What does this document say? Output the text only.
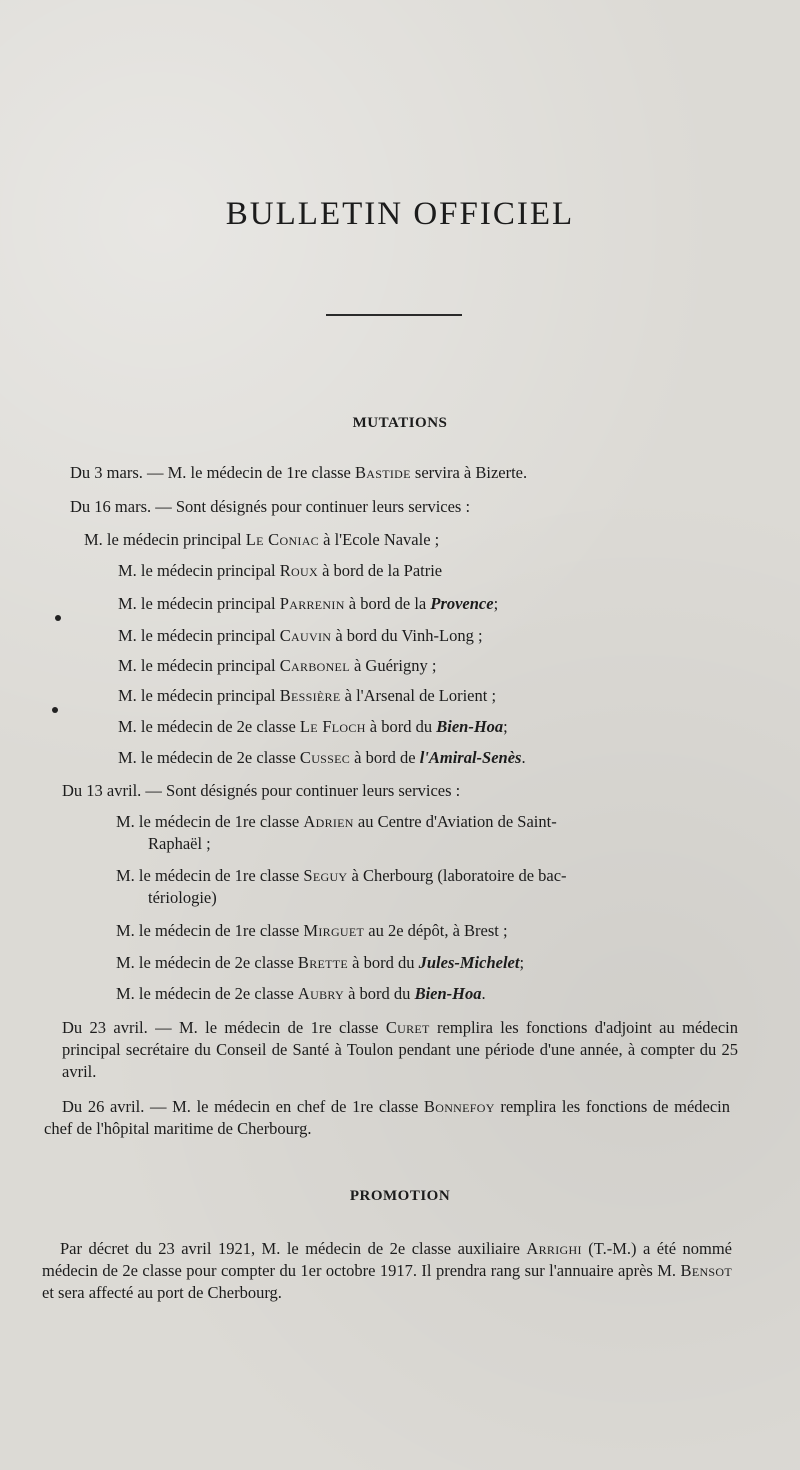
BULLETIN OFFICIEL
MUTATIONS
Du 3 mars. — M. le médecin de 1re classe Bastide servira à Bizerte.
Du 16 mars. — Sont désignés pour continuer leurs services :
M. le médecin principal Le Coniac à l'Ecole Navale ;
M. le médecin principal Roux à bord de la Patrie
M. le médecin principal Parrenin à bord de la Provence;
M. le médecin principal Cauvin à bord du Vinh-Long ;
M. le médecin principal Carbonel à Guérigny ;
M. le médecin principal Bessière à l'Arsenal de Lorient ;
M. le médecin de 2e classe Le Floch à bord du Bien-Hoa;
M. le médecin de 2e classe Cussec à bord de l'Amiral-Senès.
Du 13 avril. — Sont désignés pour continuer leurs services :
M. le médecin de 1re classe Adrien au Centre d'Aviation de Saint-
Raphaël ;
M. le médecin de 1re classe Seguy à Cherbourg (laboratoire de bac-
tériologie)
M. le médecin de 1re classe Mirguet au 2e dépôt, à Brest ;
M. le médecin de 2e classe Brette à bord du Jules-Michelet;
M. le médecin de 2e classe Aubry à bord du Bien-Hoa.
Du 23 avril. — M. le médecin de 1re classe Curet remplira les fonctions d'adjoint au médecin principal secrétaire du Conseil de Santé à Toulon pendant une période d'une année, à compter du 25 avril.
Du 26 avril. — M. le médecin en chef de 1re classe Bonnefoy remplira les fonctions de médecin chef de l'hôpital maritime de Cherbourg.
PROMOTION
Par décret du 23 avril 1921, M. le médecin de 2e classe auxiliaire Arrighi (T.-M.) a été nommé médecin de 2e classe pour compter du 1er octobre 1917. Il prendra rang sur l'annuaire après M. Bensot et sera affecté au port de Cherbourg.
